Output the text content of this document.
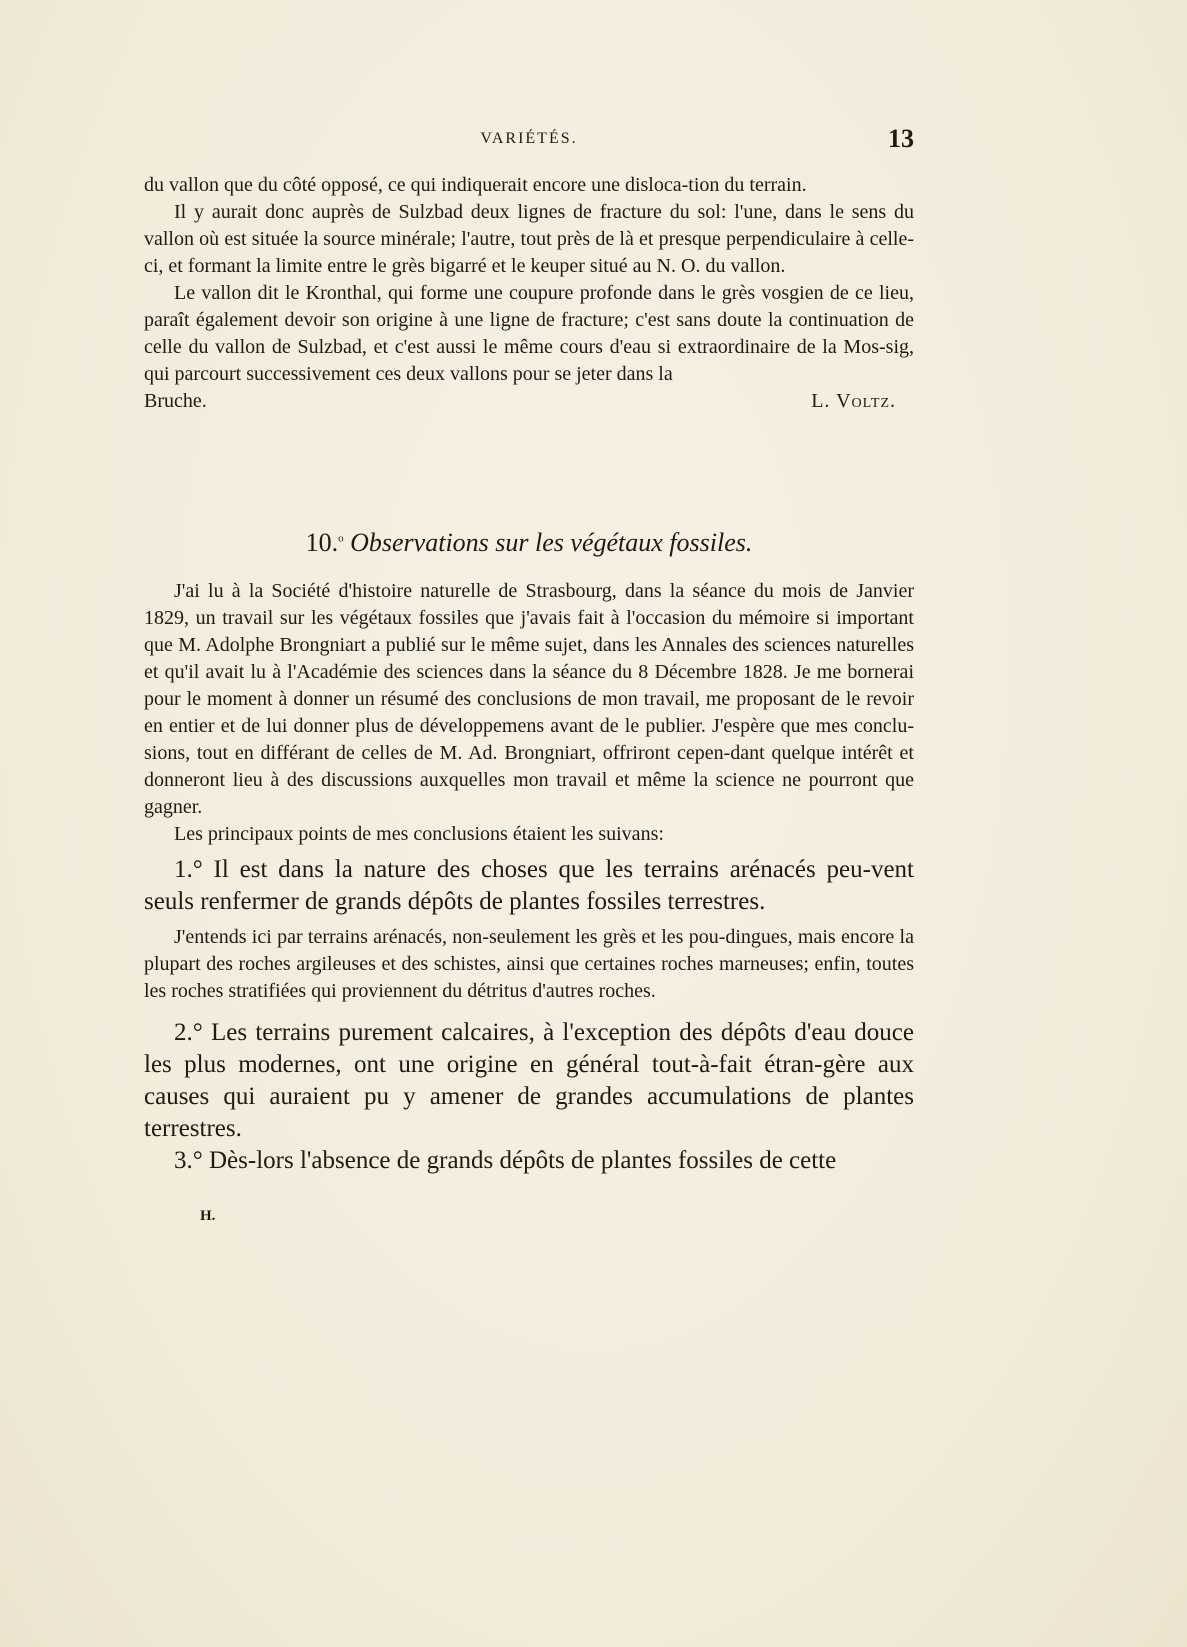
VARIÉTÉS.	13

du vallon que du côté opposé, ce qui indiquerait encore une disloca-tion du terrain.

Il y aurait donc auprès de Sulzbad deux lignes de fracture du sol: l'une, dans le sens du vallon où est située la source minérale; l'autre, tout près de là et presque perpendiculaire à celle-ci, et formant la limite entre le grès bigarré et le keuper situé au N. O. du vallon.

Le vallon dit le Kronthal, qui forme une coupure profonde dans le grès vosgien de ce lieu, paraît également devoir son origine à une ligne de fracture; c'est sans doute la continuation de celle du vallon de Sulzbad, et c'est aussi le même cours d'eau si extraordinaire de la Mos-sig, qui parcourt successivement ces deux vallons pour se jeter dans la

Bruche.	L. Voltz.
10.$^o$ Observations sur les végétaux fossiles.

J'ai lu à la Société d'histoire naturelle de Strasbourg, dans la séance du mois de Janvier 1829, un travail sur les végétaux fossiles que j'avais fait à l'occasion du mémoire si important que M. Adolphe Brongniart a publié sur le même sujet, dans les Annales des sciences naturelles et qu'il avait lu à l'Académie des sciences dans la séance du 8 Décembre 1828. Je me bornerai pour le moment à donner un résumé des conclusions de mon travail, me proposant de le revoir en entier et de lui donner plus de développemens avant de le publier. J'espère que mes conclu-sions, tout en différant de celles de M. Ad. Brongniart, offriront cepen-dant quelque intérêt et donneront lieu à des discussions auxquelles mon travail et même la science ne pourront que gagner.

Les principaux points de mes conclusions étaient les suivans:

1.° Il est dans la nature des choses que les terrains arénacés peu-vent seuls renfermer de grands dépôts de plantes fossiles terrestres.

J'entends ici par terrains arénacés, non-seulement les grès et les pou-dingues, mais encore la plupart des roches argileuses et des schistes, ainsi que certaines roches marneuses; enfin, toutes les roches stratifiées qui proviennent du détritus d'autres roches.

2.° Les terrains purement calcaires, à l'exception des dépôts d'eau douce les plus modernes, ont une origine en général tout-à-fait étran-gère aux causes qui auraient pu y amener de grandes accumulations de plantes terrestres.

3.° Dès-lors l'absence de grands dépôts de plantes fossiles de cette

H.
